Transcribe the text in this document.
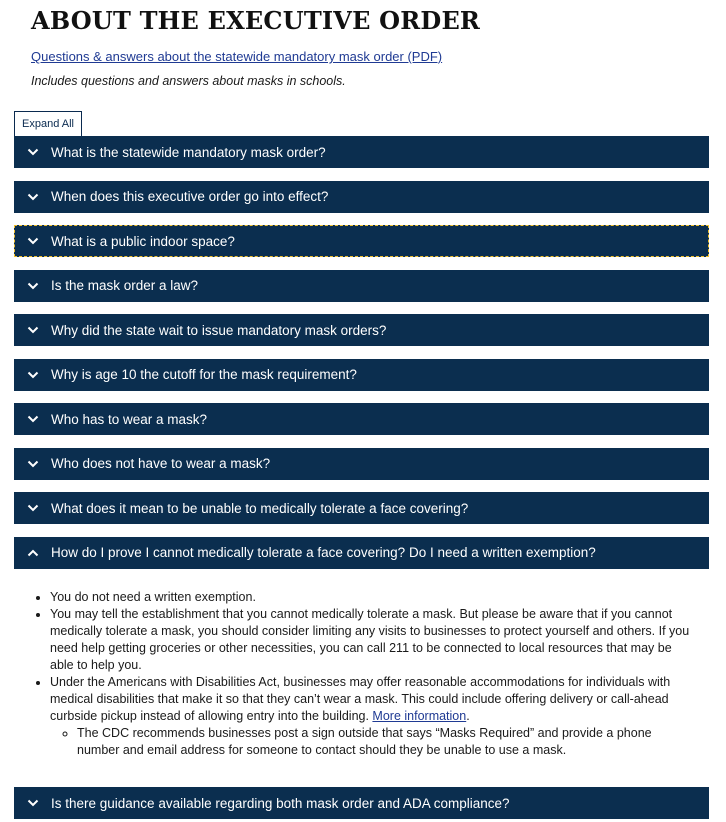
ABOUT THE EXECUTIVE ORDER
Questions & answers about the statewide mandatory mask order (PDF)
Includes questions and answers about masks in schools.
Expand All
What is the statewide mandatory mask order?
When does this executive order go into effect?
What is a public indoor space?
Is the mask order a law?
Why did the state wait to issue mandatory mask orders?
Why is age 10 the cutoff for the mask requirement?
Who has to wear a mask?
Who does not have to wear a mask?
What does it mean to be unable to medically tolerate a face covering?
How do I prove I cannot medically tolerate a face covering? Do I need a written exemption?
• You do not need a written exemption.
• You may tell the establishment that you cannot medically tolerate a mask. But please be aware that if you cannot medically tolerate a mask, you should consider limiting any visits to businesses to protect yourself and others. If you need help getting groceries or other necessities, you can call 211 to be connected to local resources that may be able to help you.
• Under the Americans with Disabilities Act, businesses may offer reasonable accommodations for individuals with medical disabilities that make it so that they can’t wear a mask. This could include offering delivery or call-ahead curbside pickup instead of allowing entry into the building. More information.
◦ The CDC recommends businesses post a sign outside that says “Masks Required” and provide a phone number and email address for someone to contact should they be unable to use a mask.
Is there guidance available regarding both mask order and ADA compliance?
